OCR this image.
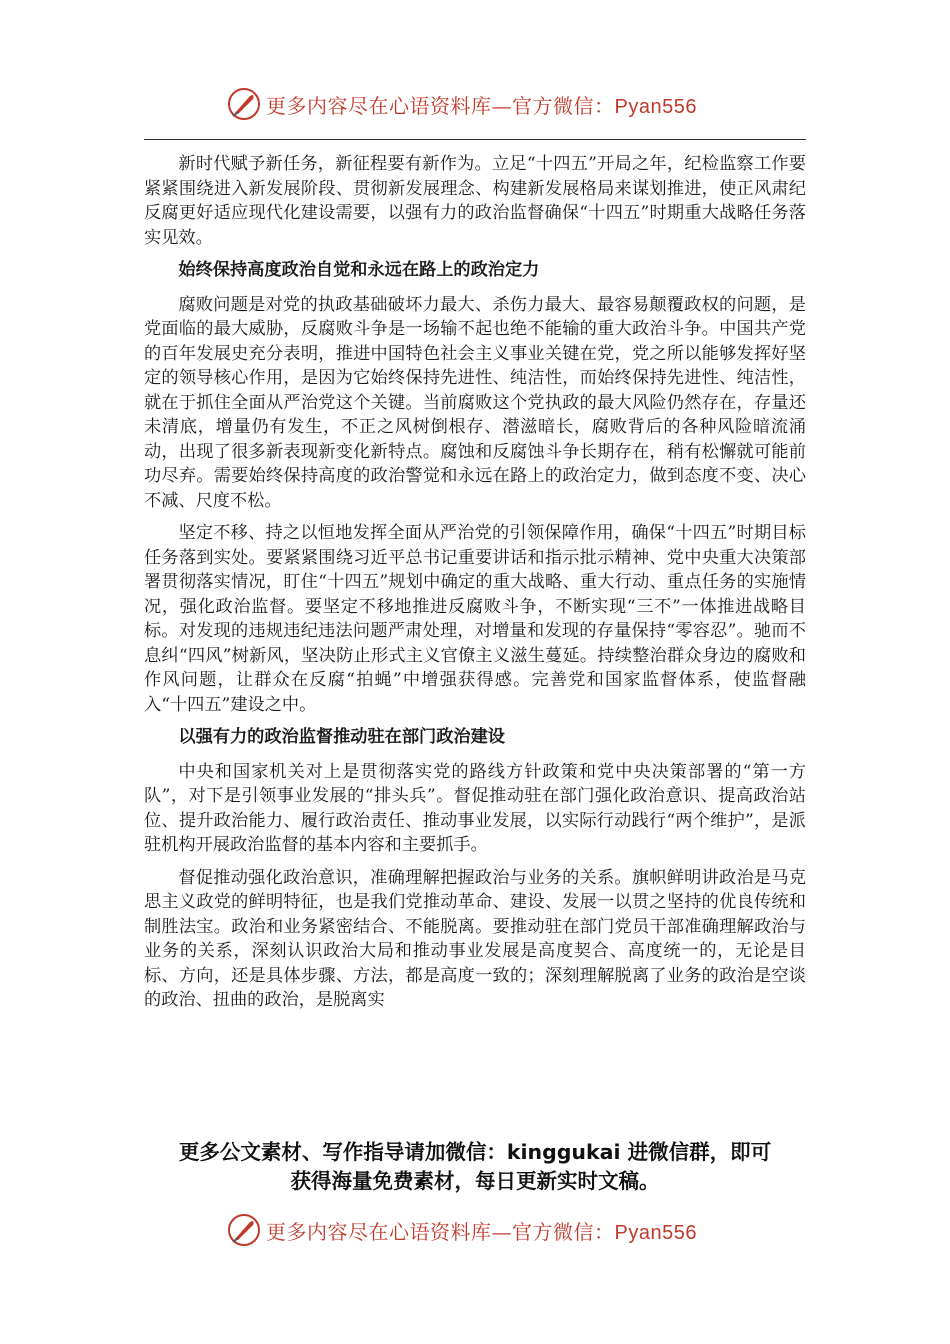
更多内容尽在心语资料库—官方微信：Pyan556

新时代赋予新任务，新征程要有新作为。立足“十四五”开局之年，纪检监察工作要紧紧围绕进入新发展阶段、贯彻新发展理念、构建新发展格局来谋划推进，使正风肃纪反腐更好适应现代化建设需要，以强有力的政治监督确保“十四五”时期重大战略任务落实见效。

始终保持高度政治自觉和永远在路上的政治定力

腐败问题是对党的执政基础破坏力最大、杀伤力最大、最容易颠覆政权的问题，是党面临的最大威胁，反腐败斗争是一场输不起也绝不能输的重大政治斗争。中国共产党的百年发展史充分表明，推进中国特色社会主义事业关键在党，党之所以能够发挥好坚定的领导核心作用，是因为它始终保持先进性、纯洁性，而始终保持先进性、纯洁性，就在于抓住全面从严治党这个关键。当前腐败这个党执政的最大风险仍然存在，存量还未清底，增量仍有发生，不正之风树倒根存、潜滋暗长，腐败背后的各种风险暗流涌动，出现了很多新表现新变化新特点。腐蚀和反腐蚀斗争长期存在，稍有松懈就可能前功尽弃。需要始终保持高度的政治警觉和永远在路上的政治定力，做到态度不变、决心不减、尺度不松。

坚定不移、持之以恒地发挥全面从严治党的引领保障作用，确保“十四五”时期目标任务落到实处。要紧紧围绕习近平总书记重要讲话和指示批示精神、党中央重大决策部署贯彻落实情况，盯住“十四五”规划中确定的重大战略、重大行动、重点任务的实施情况，强化政治监督。要坚定不移地推进反腐败斗争，不断实现“三不”一体推进战略目标。对发现的违规违纪违法问题严肃处理，对增量和发现的存量保持“零容忍”。驰而不息纠“四风”树新风，坚决防止形式主义官僚主义滋生蔓延。持续整治群众身边的腐败和作风问题，让群众在反腐“拍蝇”中增强获得感。完善党和国家监督体系，使监督融入“十四五”建设之中。

以强有力的政治监督推动驻在部门政治建设

中央和国家机关对上是贯彻落实党的路线方针政策和党中央决策部署的“第一方队”，对下是引领事业发展的“排头兵”。督促推动驻在部门强化政治意识、提高政治站位、提升政治能力、履行政治责任、推动事业发展，以实际行动践行“两个维护”，是派驻机构开展政治监督的基本内容和主要抓手。

督促推动强化政治意识，准确理解把握政治与业务的关系。旗帜鲜明讲政治是马克思主义政党的鲜明特征，也是我们党推动革命、建设、发展一以贯之坚持的优良传统和制胜法宝。政治和业务紧密结合、不能脱离。要推动驻在部门党员干部准确理解政治与业务的关系，深刻认识政治大局和推动事业发展是高度契合、高度统一的，无论是目标、方向，还是具体步骤、方法，都是高度一致的；深刻理解脱离了业务的政治是空谈的政治、扭曲的政治，是脱离实

更多公文素材、写作指导请加微信：kinggukai 进微信群，即可
获得海量免费素材，每日更新实时文稿。
更多内容尽在心语资料库—官方微信：Pyan556
